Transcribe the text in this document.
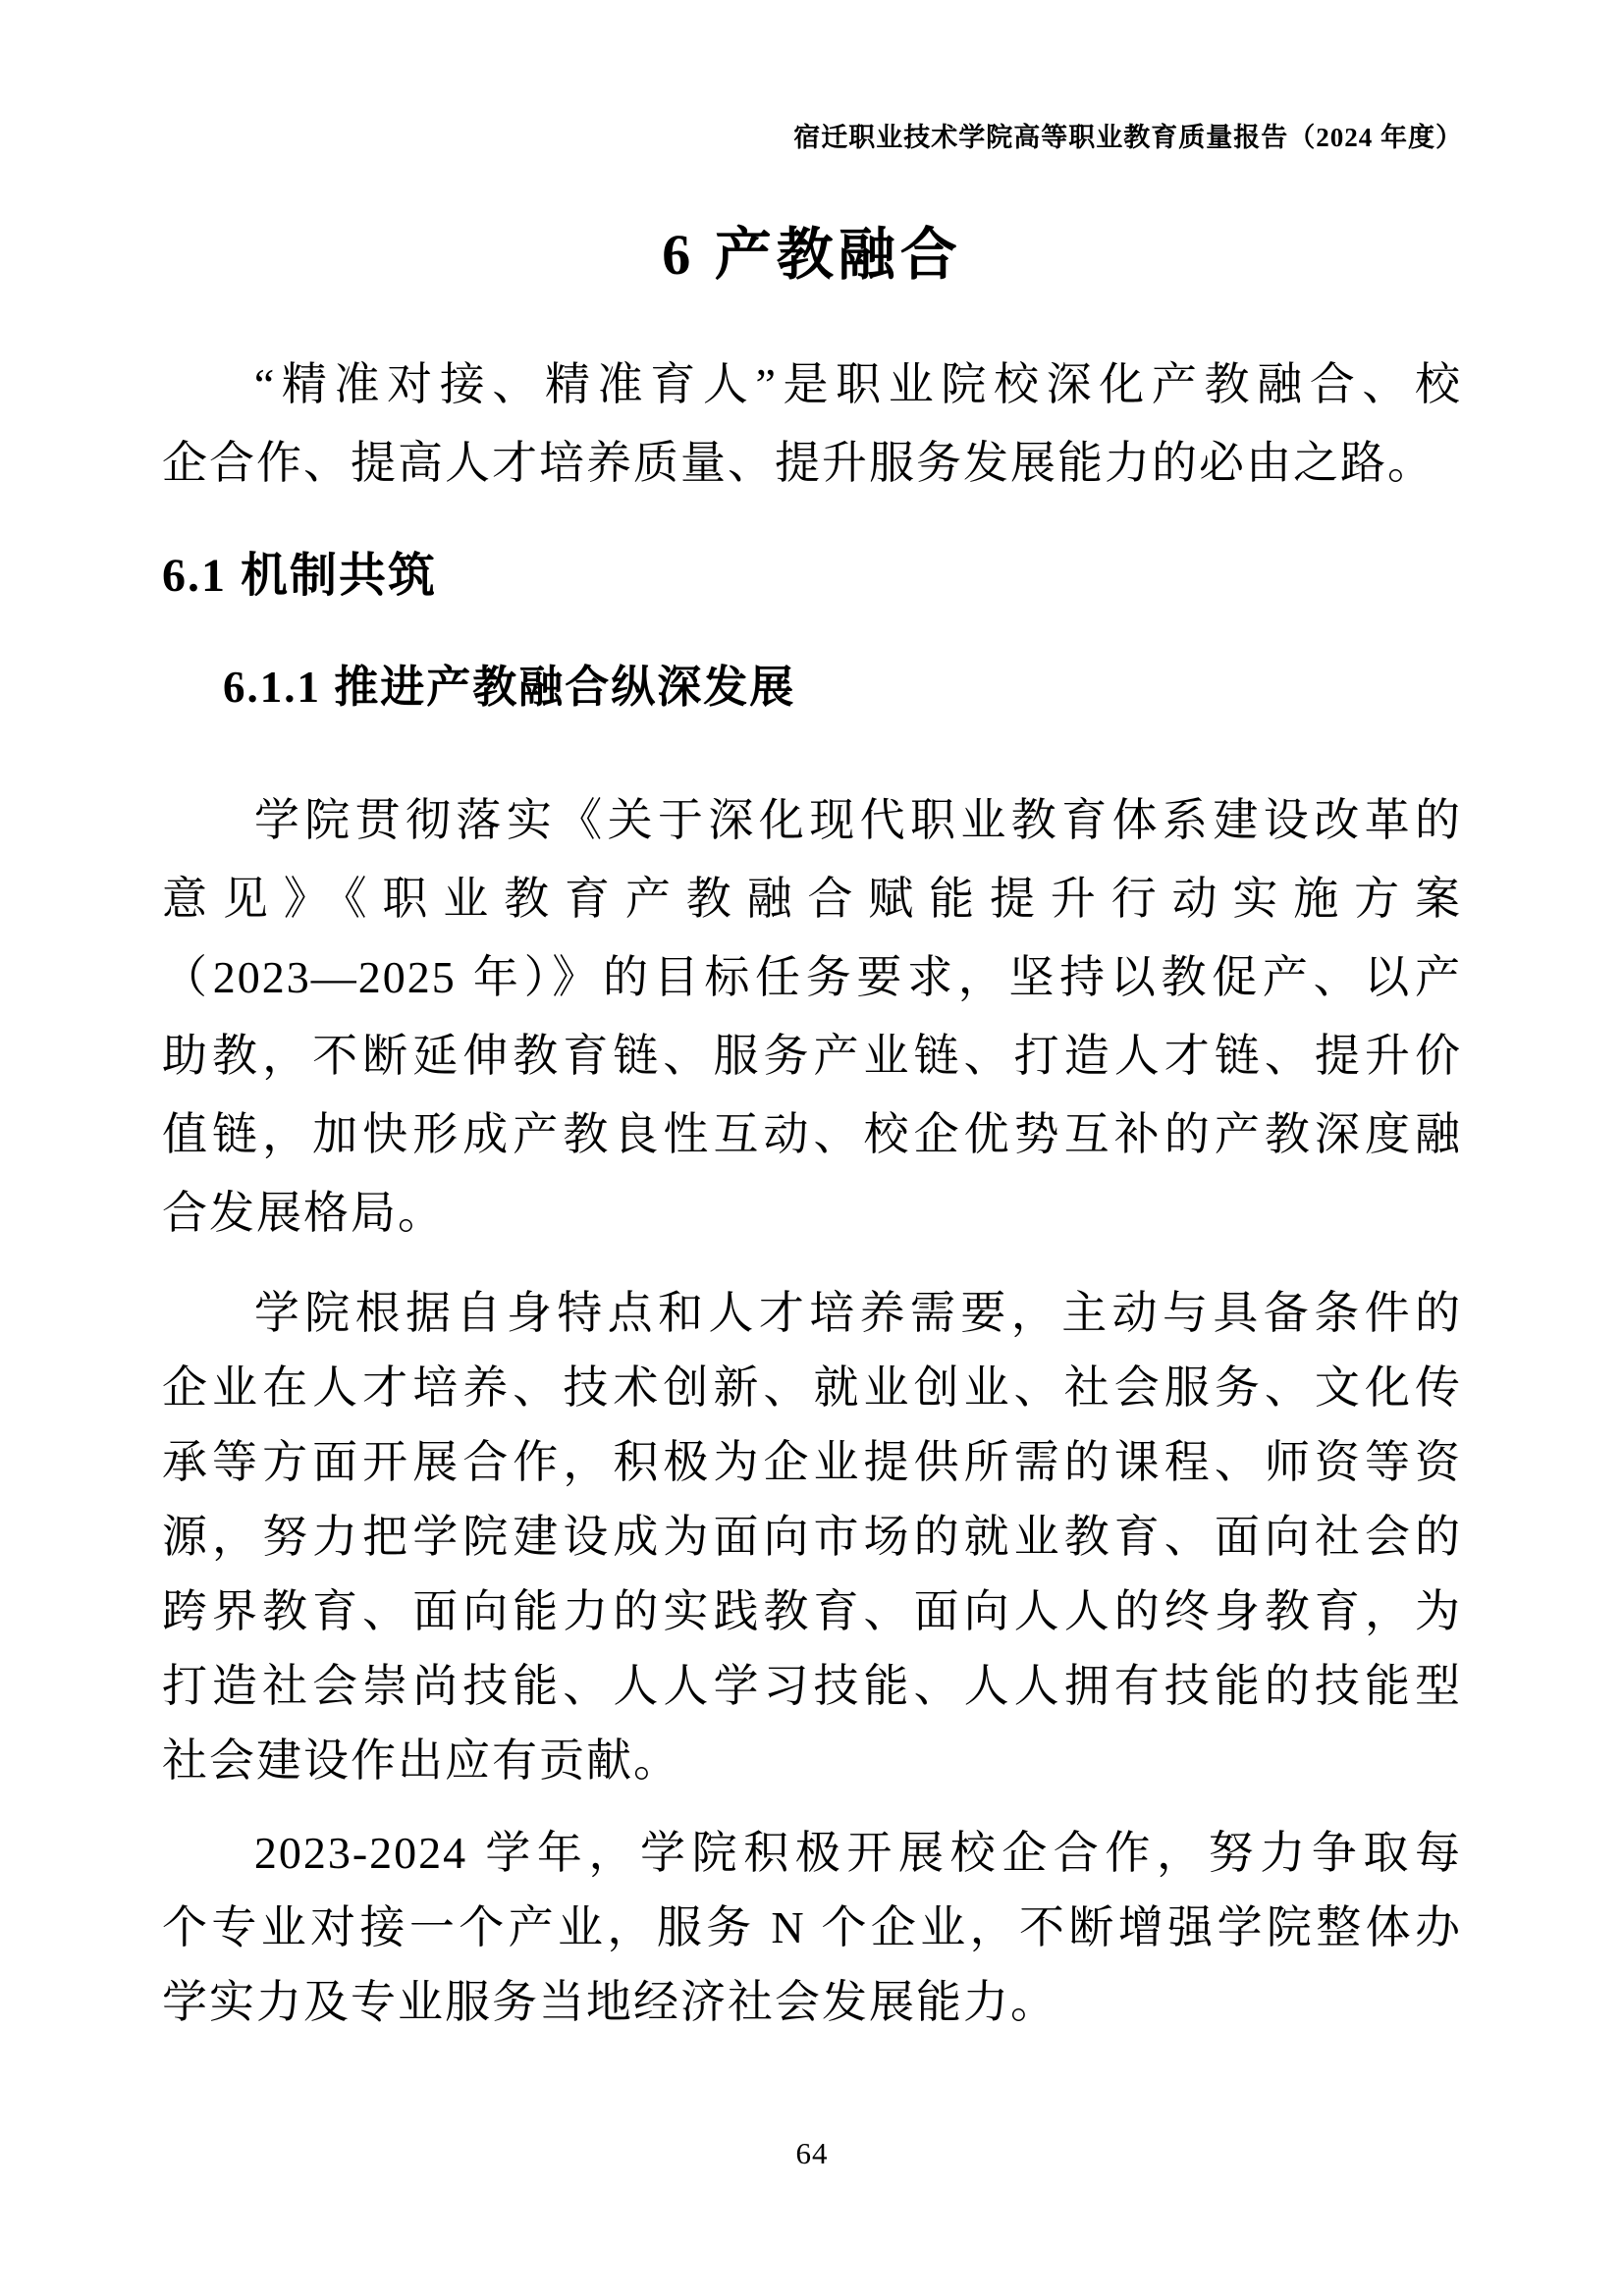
宿迁职业技术学院高等职业教育质量报告（2024 年度）
6 产教融合
“精准对接、精准育人”是职业院校深化产教融合、校
企合作、提高人才培养质量、提升服务发展能力的必由之路。
6.1 机制共筑
6.1.1 推进产教融合纵深发展
学院贯彻落实《关于深化现代职业教育体系建设改革的
意见》《职业教育产教融合赋能提升行动实施方案
（2023—2025 年）》的目标任务要求，坚持以教促产、以产
助教，不断延伸教育链、服务产业链、打造人才链、提升价
值链，加快形成产教良性互动、校企优势互补的产教深度融
合发展格局。
学院根据自身特点和人才培养需要，主动与具备条件的
企业在人才培养、技术创新、就业创业、社会服务、文化传
承等方面开展合作，积极为企业提供所需的课程、师资等资
源，努力把学院建设成为面向市场的就业教育、面向社会的
跨界教育、面向能力的实践教育、面向人人的终身教育，为
打造社会崇尚技能、人人学习技能、人人拥有技能的技能型
社会建设作出应有贡献。
2023-2024 学年，学院积极开展校企合作，努力争取每
个专业对接一个产业，服务 N 个企业，不断增强学院整体办
学实力及专业服务当地经济社会发展能力。
64
